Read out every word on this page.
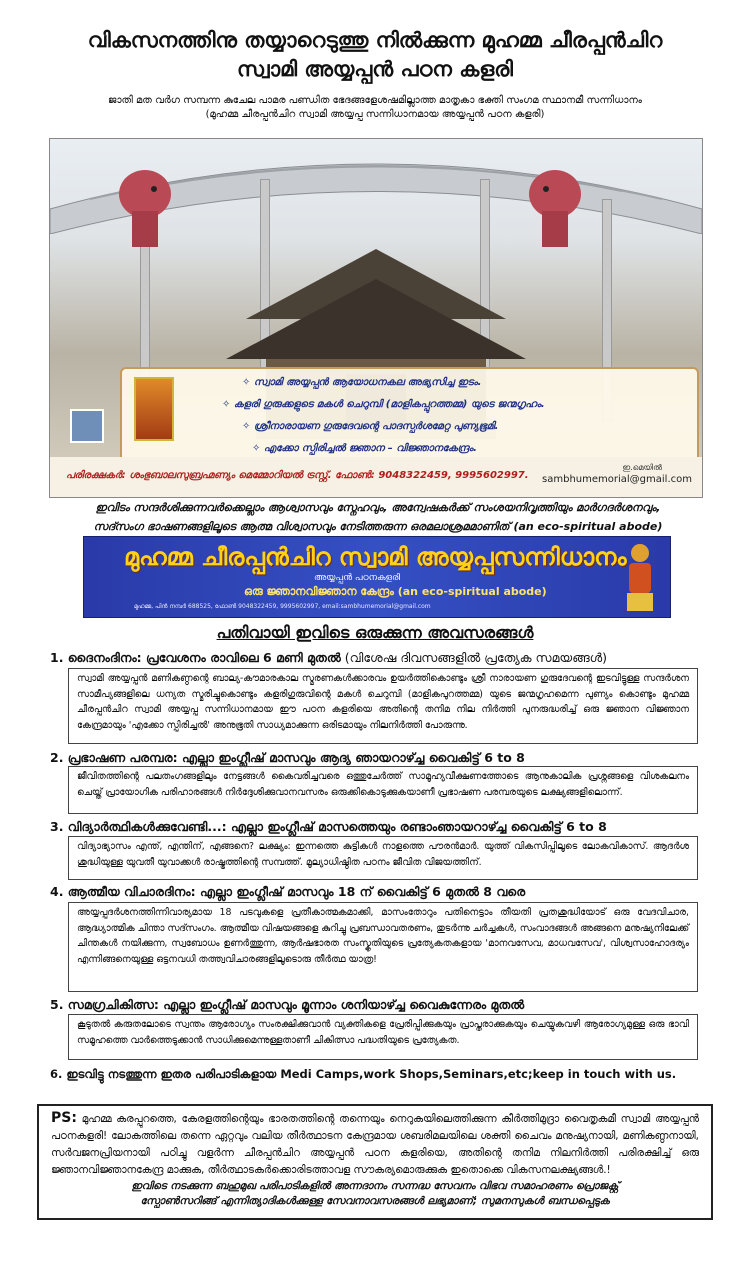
വികസനത്തിനു തയ്യാറെടുത്തു നിൽക്കുന്ന മുഹമ്മ ചീരപ്പൻചിറ
സ്വാമി അയ്യപ്പൻ പഠന കളരി
ജാതി മത വർഗ സമ്പന്ന കുചേല പാമര പണ്ഡിത ഭേദങ്ങളേശഷമില്ലാത്ത മാതൃകാ ഭക്തി സംഗമ സ്ഥാനമീ സന്നിധാനം
(മുഹമ്മ ചീരപ്പൻചിറ സ്വാമി അയ്യപ്പ സന്നിധാനമായ അയ്യപ്പൻ പഠന കളരി)
✧ സ്വാമി അയ്യപ്പൻ ആയോധനകല അഭ്യസിച്ച ഇടം.
✧ കളരി ഗുരുക്കളുടെ മകൾ ചെറുമ്പി (മാളികപ്പുറത്തമ്മ) യുടെ ജന്മഗൃഹം.
✧ ശ്രീനാരായണ ഗുരുദേവന്റെ പാദസ്പർശമേറ്റ പുണ്യഭൂമി.
✧ എക്കോ സ്പിരിച്ചൽ ജ്ഞാന – വിജ്ഞാനകേന്ദ്രം.
പരിരക്ഷകർ: ശംഭുബാലസുബ്രഹ്മണ്യം മെമ്മോറിയൽ ട്രസ്റ്റ്. ഫോൺ: 9048322459, 9995602997.
ഇ.മെയിൽ
sambhumemorial@gmail.com
ഇവിടം സന്ദർശിക്കുന്നവർക്കെല്ലാം ആശ്വാസവും സ്നേഹവും, അന്വേഷകർക്ക് സംശയനിവൃത്തിയും മാർഗദർശനവും,
സദ്സംഗ ഭാഷണങ്ങളിലൂടെ ആത്മ വിശ്വാസവും നേടിത്തരുന്ന ഒരമലാശ്രമമാണിത് (an eco-spiritual abode)
മുഹമ്മ ചീരപ്പൻചിറ സ്വാമി അയ്യപ്പസന്നിധാനം
അയ്യപ്പൻ പഠനകളരി
ഒരു ജ്ഞാനവിജ്ഞാന കേന്ദ്രം (an eco-spiritual abode)
മുഹമ്മ, പിൻ നമ്പർ 688525, ഫോൺ 9048322459, 9995602997, email:sambhumemorial@gmail.com
പതിവായി ഇവിടെ ഒരുക്കുന്ന അവസരങ്ങൾ
1. ദൈനംദിനം: പ്രവേശനം രാവിലെ 6 മണി മുതൽ (വിശേഷ ദിവസങ്ങളിൽ പ്രത്യേക സമയങ്ങൾ)
സ്വാമി അയ്യപ്പൻ മണികണ്ഠന്റെ ബാല്യ-കൗമാരകാല സ്മരണകൾക്കാരവം ഉയർത്തികൊണ്ടും ശ്രീ നാരായണ ഗുരുദേവന്റെ ഇടവിട്ടുള്ള സന്ദർശന സാമീപ്യങ്ങളിലെ ധന്യത സ്മരിച്ചുകൊണ്ടും കളരിഗുരുവിന്റെ മകൾ ചെറുമ്പി (മാളികപുറത്തമ്മ) യുടെ ജന്മഗൃഹമെന്ന പുണ്യം കൊണ്ടും മുഹമ്മ ചീരപ്പൻചിറ സ്വാമി അയ്യപ്പ സന്നിധാനമായ ഈ പഠന കളരിയെ അതിന്റെ തനിമ നില നിർത്തി പുനരുദ്ധരിച്ച് ഒരു ജ്ഞാന വിജ്ഞാന കേന്ദ്രമായും 'എക്കോ സ്പിരിച്ചൽ' അനുഭൂതി സാധ്യമാക്കുന്ന ഒരിടമായും നിലനിർത്തി പോരുന്നു.
2. പ്രഭാഷണ പരമ്പര: എല്ലാ ഇംഗ്ലീഷ് മാസവും ആദ്യ ഞായറാഴ്ച്ച വൈകിട്ട് 6 to 8
ജീവിതത്തിന്റെ പലതംഗങ്ങളിലും നേട്ടങ്ങൾ കൈവരിച്ചവരെ ഒത്തുചേർത്ത് സാമൂഹ്യവീക്ഷണത്തോടെ ആനുകാലിക പ്രശ്നങ്ങളെ വിശകലനം ചെയ്ത് പ്രായോഗിക പരിഹാരങ്ങൾ നിർദ്ദേശിക്കുവാനവസരം ഒരുക്കികൊടുക്കുകയാണീ പ്രഭാഷണ പരമ്പരയുടെ ലക്ഷ്യങ്ങളിലൊന്ന്.
3. വിദ്യാർത്ഥികൾക്കുവേണ്ടി...: എല്ലാ ഇംഗ്ലീഷ് മാസത്തെയും രണ്ടാംഞായറാഴ്ച്ച വൈകിട്ട് 6 to 8
വിദ്യാഭ്യാസം എന്ത്, എന്തിന്, എങ്ങനെ? ലക്ഷ്യം: ഇന്നത്തെ കുട്ടികൾ നാളത്തെ പൗരൻമാർ. യുത്ത് വികസിപ്പിലൂടെ ലോകവികാസ്. ആദർശ ശുദ്ധിയുള്ള യുവതീ യുവാക്കൾ രാഷ്ട്രത്തിന്റെ സമ്പത്ത്. മൂല്യാധിഷ്ഠിത പഠനം ജീവിത വിജയത്തിന്.
4. ആത്മീയ വിചാരദിനം: എല്ലാ ഇംഗ്ലീഷ് മാസവും 18 ന് വൈകിട്ട് 6 മുതൽ 8 വരെ
അയ്യപ്പദർശനത്തിന്നിവാര്യമായ 18 പടവുകളെ പ്രതീകാത്മകമാക്കി, മാസംതോറും പതിനെട്ടാം തീയതി പ്രതശുദ്ധിയോട് ഒരു വേദവിചാര, ആദ്ധ്യാത്മിക ചിന്താ സദ്സംഗം. ആത്മീയ വിഷയങ്ങളെ കുറിച്ചു പ്രബന്ധാവതരണം, തുടർന്നു ചർച്ചകൾ, സംവാദങ്ങൾ അങ്ങനെ മനുഷ്യനിലേക്ക് ചിന്തകൾ നയിക്കുന്ന, സ്വബോധം ഉണർത്തുന്ന, ആർഷഭാരത സംസ്കൃതിയുടെ പ്രത്യേകതകളായ 'മാനവസേവ, മാധവസേവ', വിശ്വസാഹോദര്യം എന്നിങ്ങനെയുള്ള ഒട്ടനവധി തത്ത്വവിചാരങ്ങളിലൂടൊരു തീർത്ഥ യാത്ര!
5. സമഗ്രചികിത്സ: എല്ലാ ഇംഗ്ലീഷ് മാസവും മൂന്നാം ശനിയാഴ്ച്ച വൈകുന്നേരം മുതൽ
കൂടുതൽ കരുതലോടെ സ്വന്തം ആരോഗ്യം സംരക്ഷിക്കുവാൻ വ്യക്തികളെ പ്രേരിപ്പിക്കുകയും പ്രാപ്തരാക്കുകയും ചെയ്യുകവഴി ആരോഗ്യമുള്ള ഒരു ഭാവി സമൂഹത്തെ വാർത്തെടുക്കാൻ സാധിക്കുമെന്നുള്ളതാണീ ചികിത്സാ പദ്ധതിയുടെ പ്രത്യേകത.
6. ഇടവിട്ടു നടത്തുന്ന ഇതര പരിപാടികളായ Medi Camps,work Shops,Seminars,etc;keep in touch with us.
PS: മുഹമ്മ കരപ്പുറത്തെ, കേരളത്തിന്റെയും ഭാരതത്തിന്റെ തന്നെയും നെറുകയിലെത്തിക്കുന്ന കീർത്തിമുദ്രാ വൈതൃകമീ സ്വാമി അയ്യപ്പൻ പഠനകളരി! ലോകത്തിലെ തന്നെ ഏറ്റവും വലിയ തീർത്ഥാടന കേന്ദ്രമായ ശബരിമലയിലെ ശക്തി ചൈവം മനുഷ്യനായി, മണികണ്ഠനായി, സർവജനപ്രിയനായി പഠിച്ചു വളർന്ന ചീരപ്പൻചിറ അയ്യപ്പൻ പഠന കളരിയെ, അതിന്റെ തനിമ നിലനിർത്തി പരിരക്ഷിച്ച് ഒരു ജ്ഞാനവിജ്ഞാനകേന്ദ്ര മാക്കുക, തീർത്ഥാടകർക്കൊരിടത്താവള സൗകര്യമൊരുക്കുക ഇതൊക്കെ വികസനലക്ഷ്യങ്ങൾ.!
ഇവിടെ നടക്കുന്ന ബഹുമുഖ പരിപാടികളിൽ അന്നദാനം സന്നദ്ധ സേവനം വിഭവ സമാഹരണം പ്രൊജക്റ്റ്
സ്പോൺസറിങ്ങ് എന്നിത്യാദികൾക്കുള്ള സേവനാവസരങ്ങൾ ലഭ്യമാണ്; സുമനസുകൾ ബന്ധപ്പെടുക
